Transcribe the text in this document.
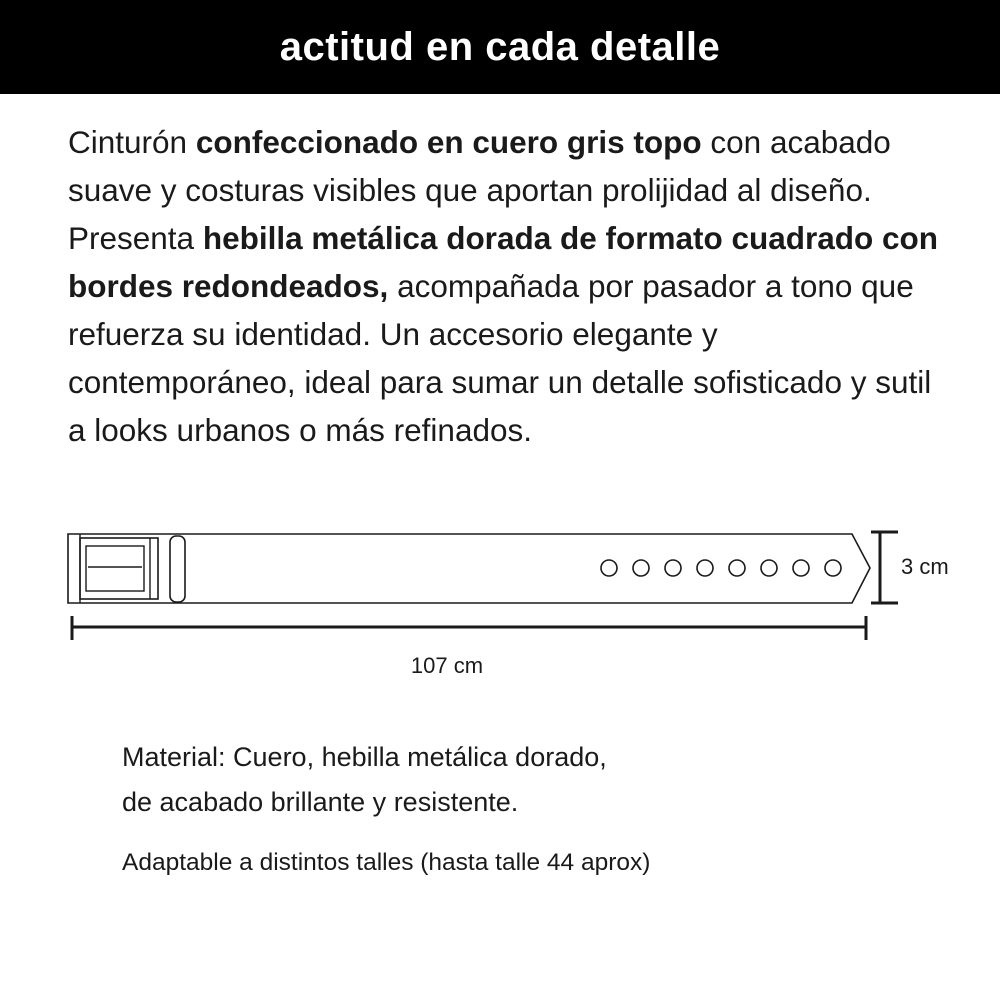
actitud en cada detalle

Cinturón confeccionado en cuero gris topo con acabado suave y costuras visibles que aportan prolijidad al diseño. Presenta hebilla metálica dorada de formato cuadrado con bordes redondeados, acompañada por pasador a tono que refuerza su identidad. Un accesorio elegante y contemporáneo, ideal para sumar un detalle sofisticado y sutil a looks urbanos o más refinados.

3 cm
107 cm
Material: Cuero, hebilla metálica dorado,
de acabado brillante y resistente.
Adaptable a distintos talles (hasta talle 44 aprox)
